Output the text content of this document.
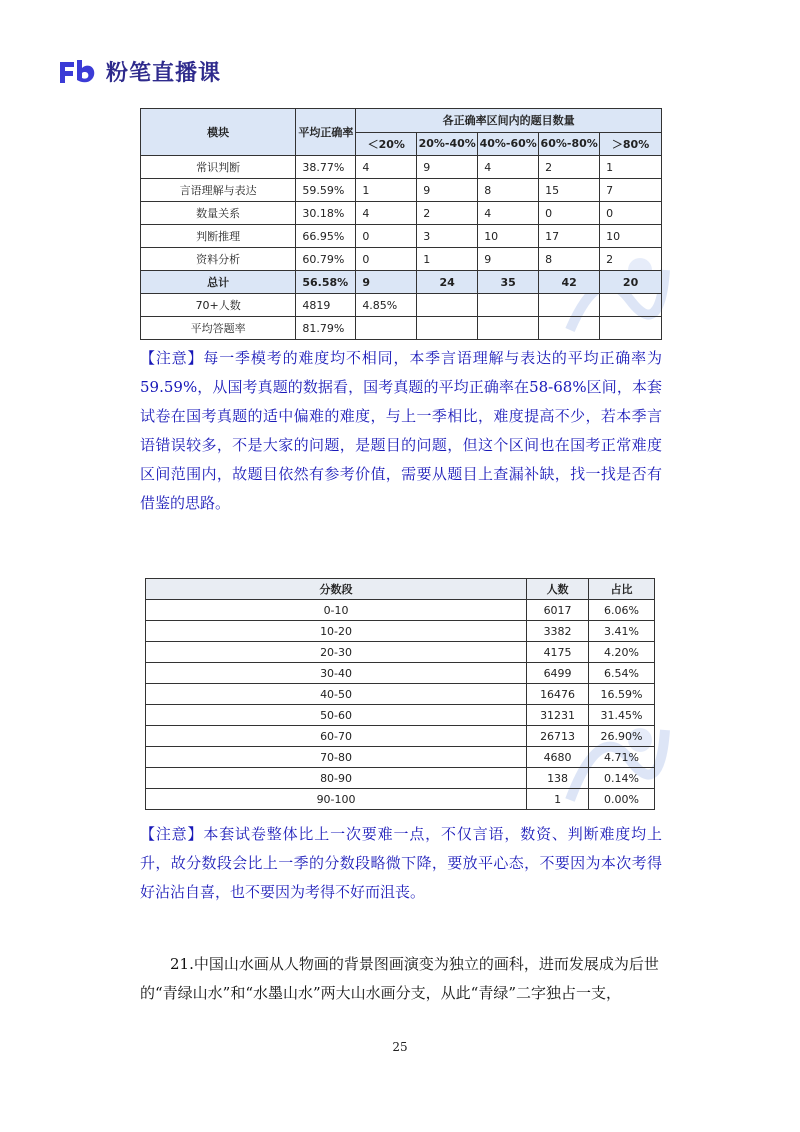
粉笔直播课
模块	平均正确率	各正确率区间内的题目数量				
		＜20%	20%-40%	40%-60%	60%-80%	＞80%
常识判断	38.77%	4	9	4	2	1
言语理解与表达	59.59%	1	9	8	15	7
数量关系	30.18%	4	2	4	0	0
判断推理	66.95%	0	3	10	17	10
资料分析	60.79%	0	1	9	8	2
总计	56.58%	9	24	35	42	20
70+人数	4819	4.85%				
平均答题率	81.79%					

【注意】每一季模考的难度均不相同，本季言语理解与表达的平均正确率为59.59%，从国考真题的数据看，国考真题的平均正确率在58-68%区间，本套试卷在国考真题的适中偏难的难度，与上一季相比，难度提高不少，若本季言语错误较多，不是大家的问题，是题目的问题，但这个区间也在国考正常难度区间范围内，故题目依然有参考价值，需要从题目上查漏补缺，找一找是否有借鉴的思路。

分数段	人数	占比
0-10	6017	6.06%
10-20	3382	3.41%
20-30	4175	4.20%
30-40	6499	6.54%
40-50	16476	16.59%
50-60	31231	31.45%
60-70	26713	26.90%
70-80	4680	4.71%
80-90	138	0.14%
90-100	1	0.00%

【注意】本套试卷整体比上一次要难一点，不仅言语，数资、判断难度均上升，故分数段会比上一季的分数段略微下降，要放平心态，不要因为本次考得好沾沾自喜，也不要因为考得不好而沮丧。

21.中国山水画从人物画的背景图画演变为独立的画科，进而发展成为后世的“青绿山水”和“水墨山水”两大山水画分支，从此“青绿”二字独占一支，

25
